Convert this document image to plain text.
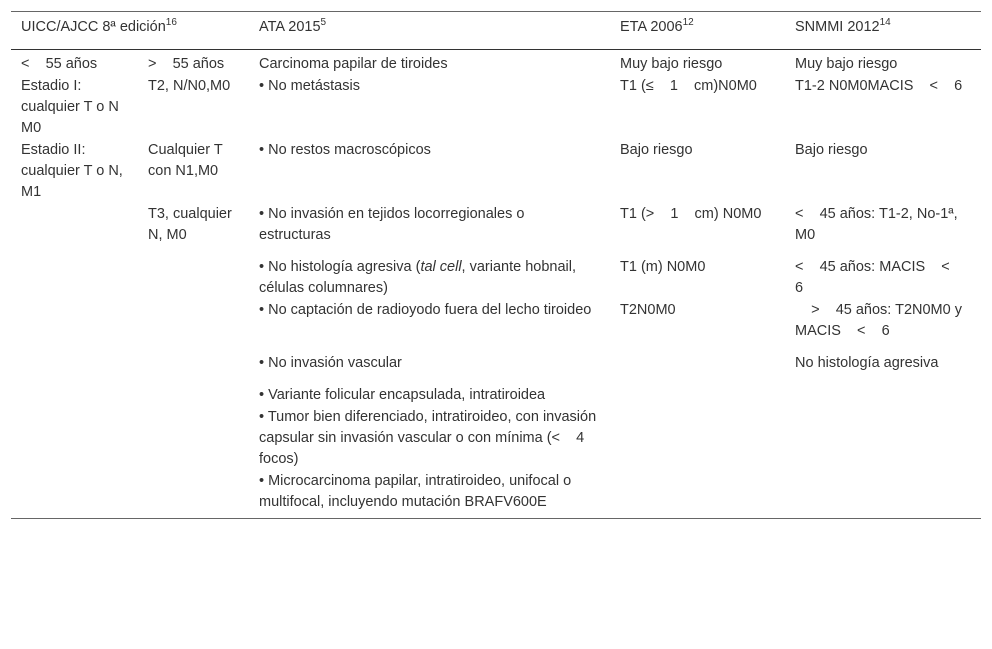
UICC/AJCC 8ª edición$^{16}$		ATA 2015$^5$	ETA 2006$^{12}$	SNMMI $2012^{14}$
<    55 años	>    55 años	Carcinoma papilar de tiroides	Muy bajo riesgo	Muy bajo riesgo
Estadio I: cualquier T o N M0	T2, N/N0,M0	• No metástasis	T1 (≤    1    cm)N0M0	T1-2 N0M0MACIS    <    6
Estadio II: cualquier T o N, M1	Cualquier T con N1,M0	• No restos macroscópicos	Bajo riesgo	Bajo riesgo
	T3, cualquier N, M0	• No invasión en tejidos locorregionales o estructuras	T1 (>    1    cm) N0M0	<    45 años: T1-2, No-1ª, M0
		• No histología agresiva (tal cell, variante hobnail, células columnares)	T1 (m) N0M0	<    45 años: MACIS    <    6
		• No captación de radioyodo fuera del lecho tiroideo	T2N0M0	>    45 años: T2N0M0 y MACIS    <    6
		• No invasión vascular		No histología agresiva
		• Variante folicular encapsulada, intratiroidea		
		• Tumor bien diferenciado, intratiroideo, con invasión capsular sin invasión vascular o con mínima (<    4 focos)		
		• Microcarcinoma papilar, intratiroideo, unifocal o multifocal, incluyendo mutación BRAFV600E		
